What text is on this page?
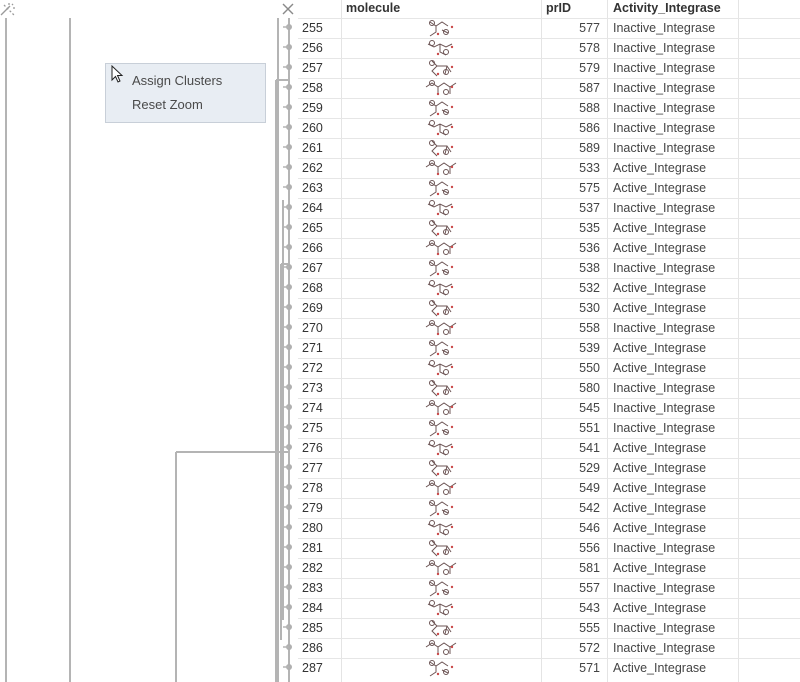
Assign Clusters
Reset Zoom
molecule	prID	Activity_Integrase
255	577	Inactive_Integrase
256	578	Inactive_Integrase
257	579	Inactive_Integrase
258	587	Inactive_Integrase
259	588	Inactive_Integrase
260	586	Inactive_Integrase
261	589	Inactive_Integrase
262	533	Active_Integrase
263	575	Active_Integrase
264	537	Inactive_Integrase
265	535	Active_Integrase
266	536	Active_Integrase
267	538	Inactive_Integrase
268	532	Active_Integrase
269	530	Active_Integrase
270	558	Inactive_Integrase
271	539	Active_Integrase
272	550	Active_Integrase
273	580	Inactive_Integrase
274	545	Inactive_Integrase
275	551	Inactive_Integrase
276	541	Active_Integrase
277	529	Active_Integrase
278	549	Active_Integrase
279	542	Active_Integrase
280	546	Active_Integrase
281	556	Inactive_Integrase
282	581	Active_Integrase
283	557	Inactive_Integrase
284	543	Active_Integrase
285	555	Inactive_Integrase
286	572	Inactive_Integrase
287	571	Active_Integrase
